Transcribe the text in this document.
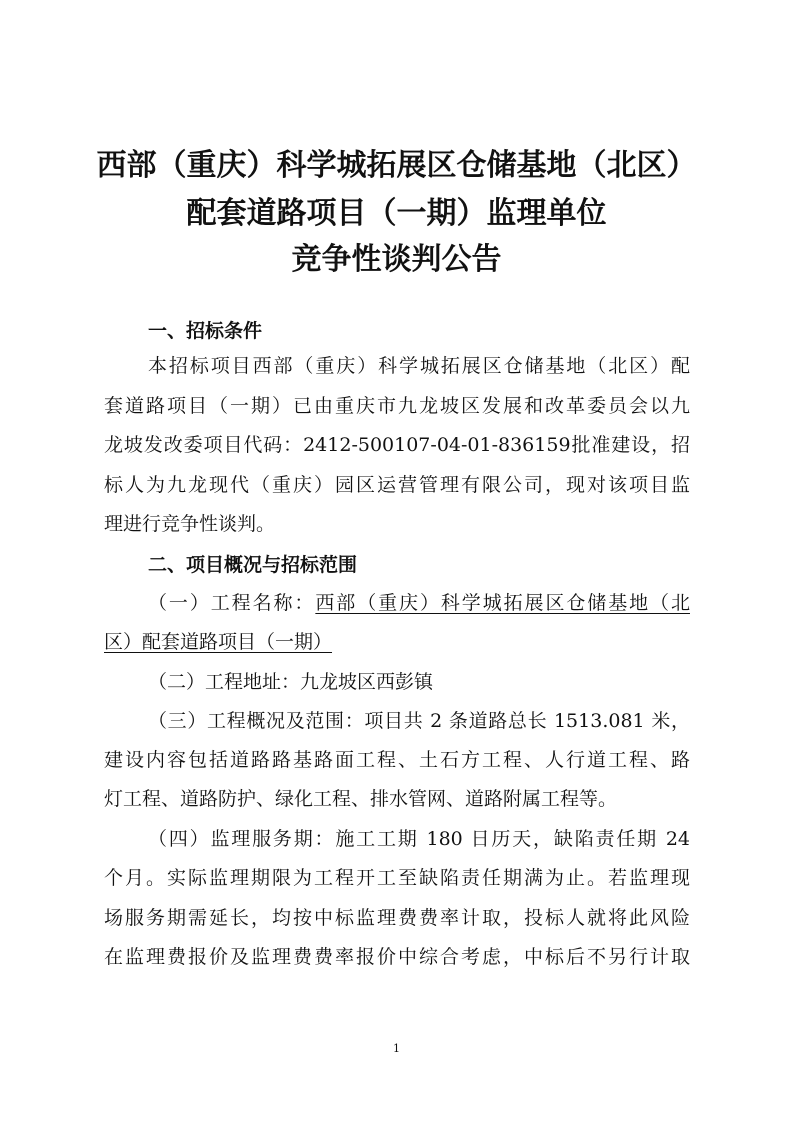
西部（重庆）科学城拓展区仓储基地（北区）
配套道路项目（一期）监理单位
竞争性谈判公告
一、招标条件

本招标项目西部（重庆）科学城拓展区仓储基地（北区）配

套道路项目（一期）已由重庆市九龙坡区发展和改革委员会以九

龙坡发改委项目代码：2412-500107-04-01-836159批准建设，招

标人为九龙现代（重庆）园区运营管理有限公司，现对该项目监

理进行竞争性谈判。

二、项目概况与招标范围

（一）工程名称：西部（重庆）科学城拓展区仓储基地（北

区）配套道路项目（一期）

（二）工程地址：九龙坡区西彭镇

（三）工程概况及范围：项目共 2 条道路总长 1513.081 米，

建设内容包括道路路基路面工程、土石方工程、人行道工程、路

灯工程、道路防护、绿化工程、排水管网、道路附属工程等。

（四）监理服务期：施工工期 180 日历天，缺陷责任期 24

个月。实际监理期限为工程开工至缺陷责任期满为止。若监理现

场服务期需延长，均按中标监理费费率计取，投标人就将此风险

在监理费报价及监理费费率报价中综合考虑，中标后不另行计取

1
